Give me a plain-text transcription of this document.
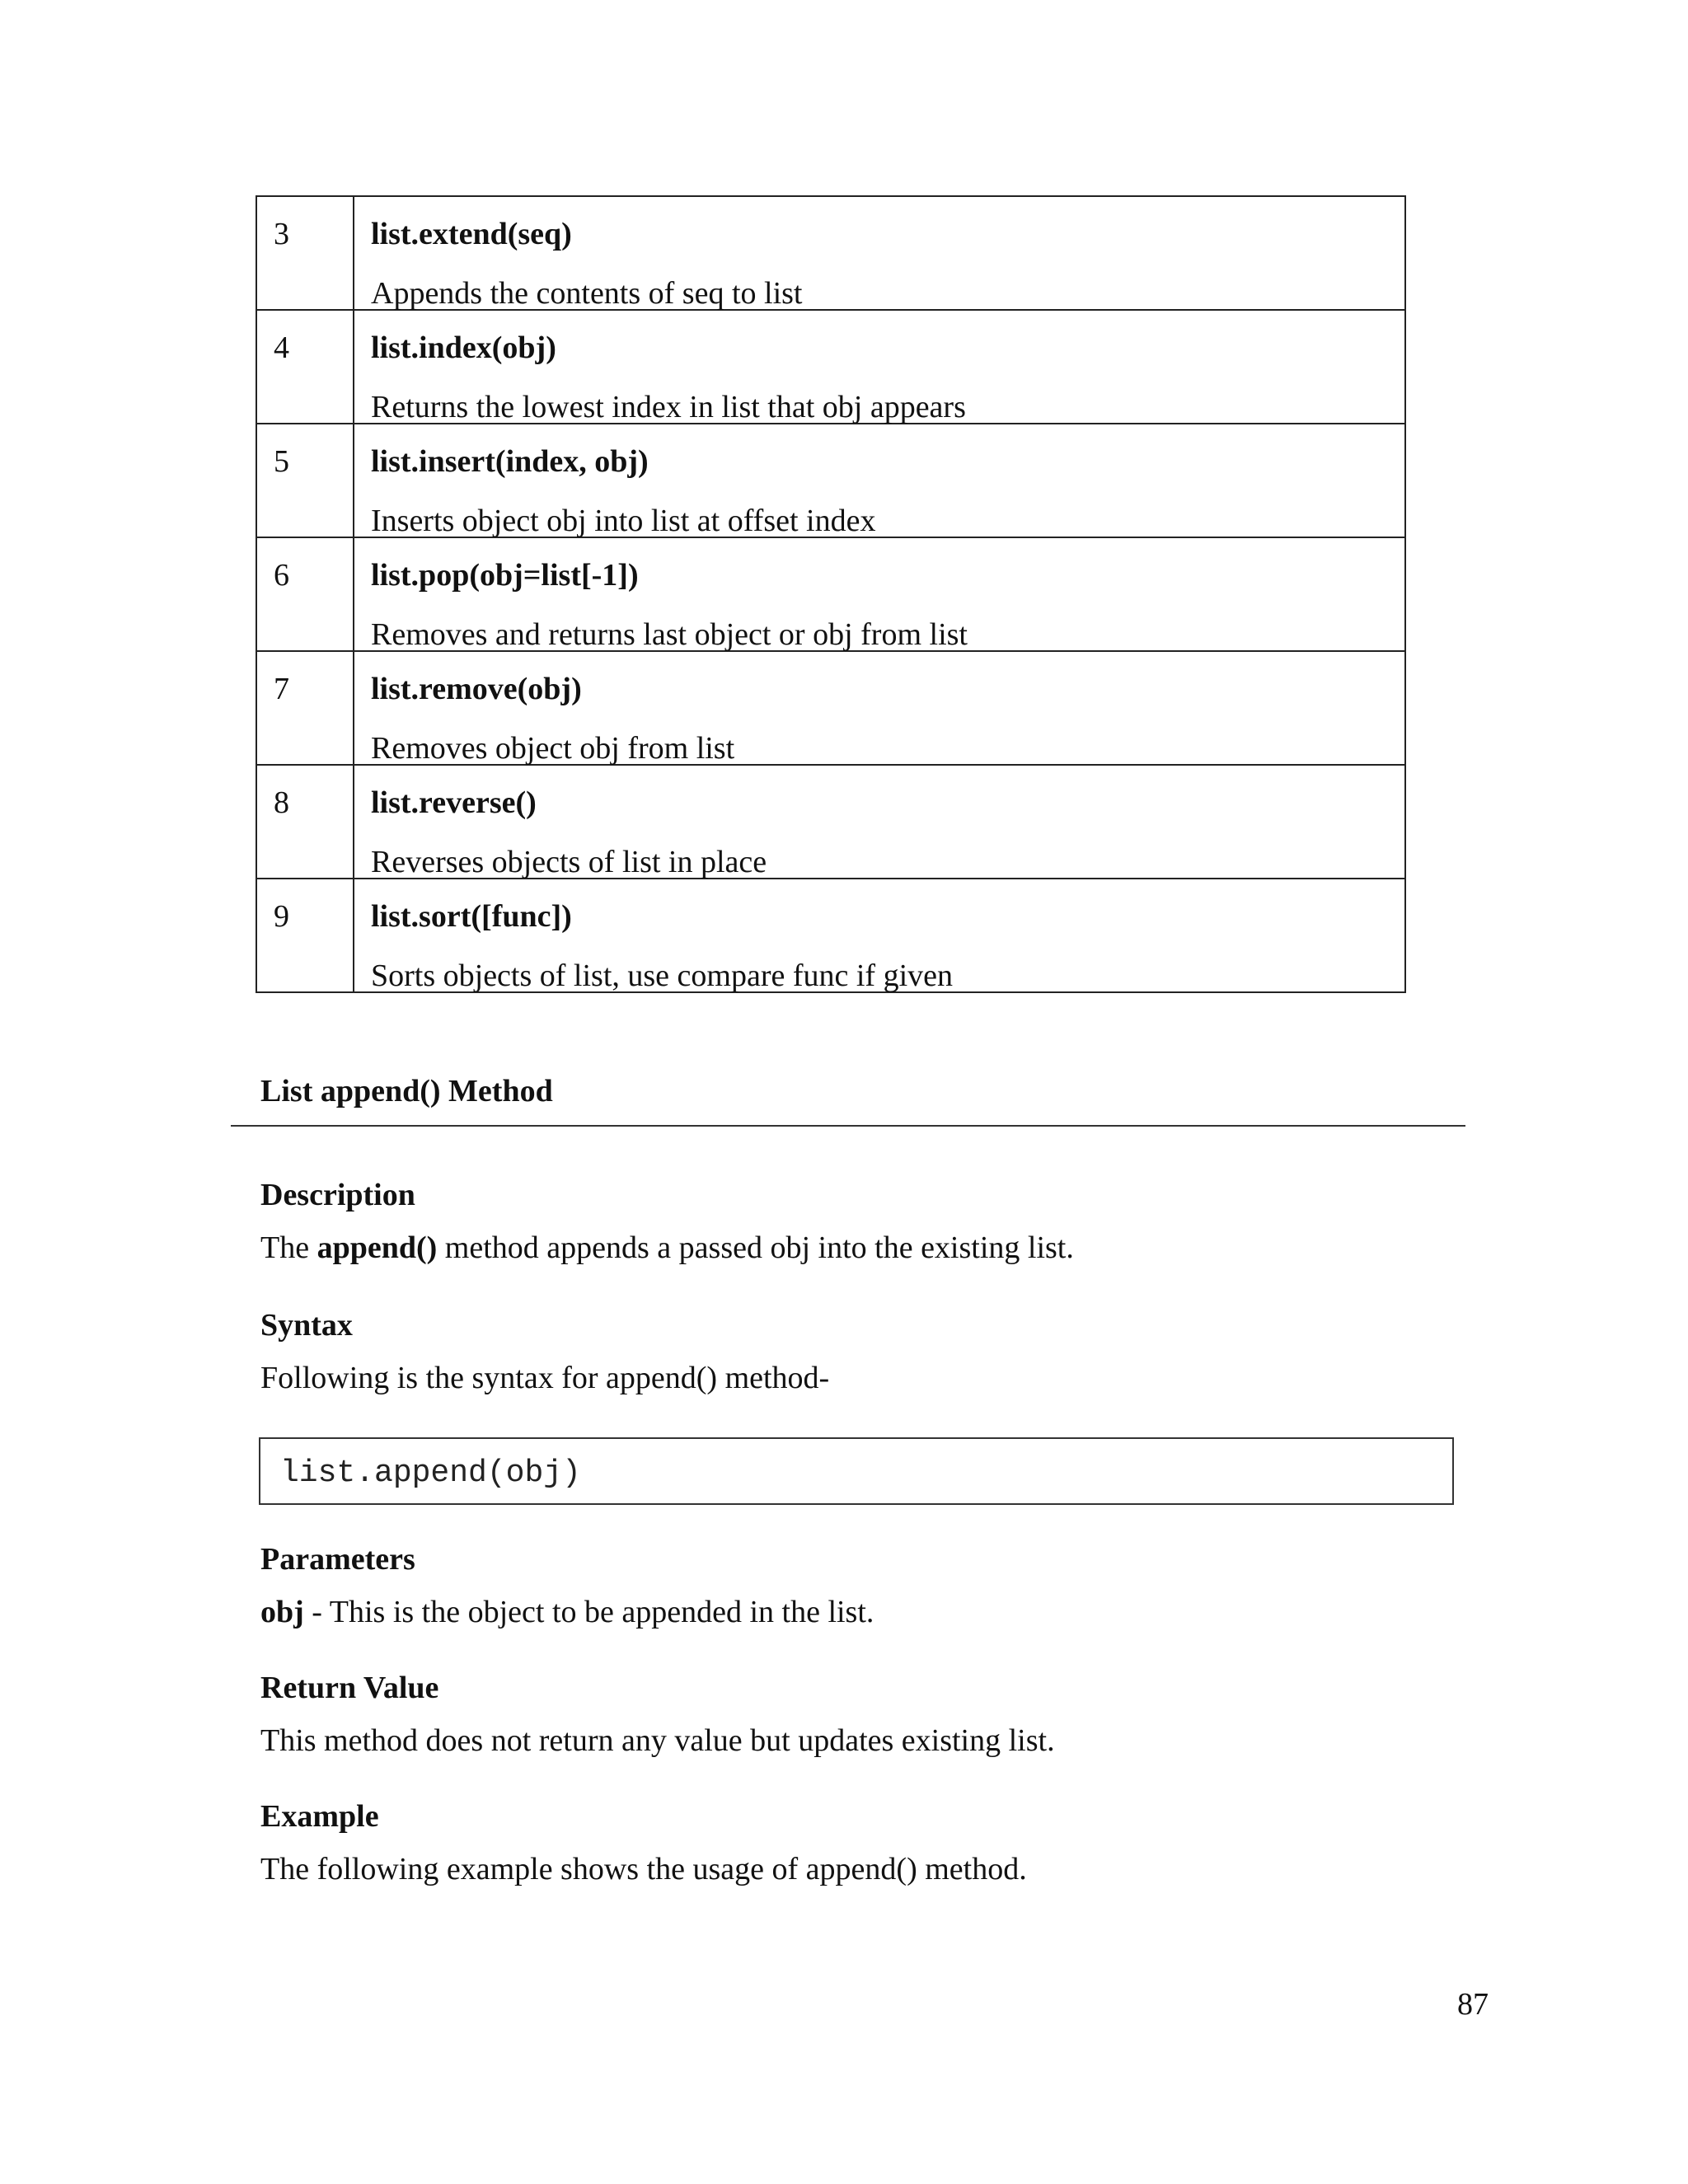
3	list.extend(seq)
Appends the contents of seq to list

4	list.index(obj)
Returns the lowest index in list that obj appears

5	list.insert(index, obj)
Inserts object obj into list at offset index

6	list.pop(obj=list[-1])
Removes and returns last object or obj from list

7	list.remove(obj)
Removes object obj from list

8	list.reverse()
Reverses objects of list in place

9	list.sort([func])
Sorts objects of list, use compare func if given
List append() Method
Description

The append() method appends a passed obj into the existing list.

Syntax

Following is the syntax for append() method-

list.append(obj)
Parameters

obj - This is the object to be appended in the list.

Return Value

This method does not return any value but updates existing list.

Example

The following example shows the usage of append() method.

87
